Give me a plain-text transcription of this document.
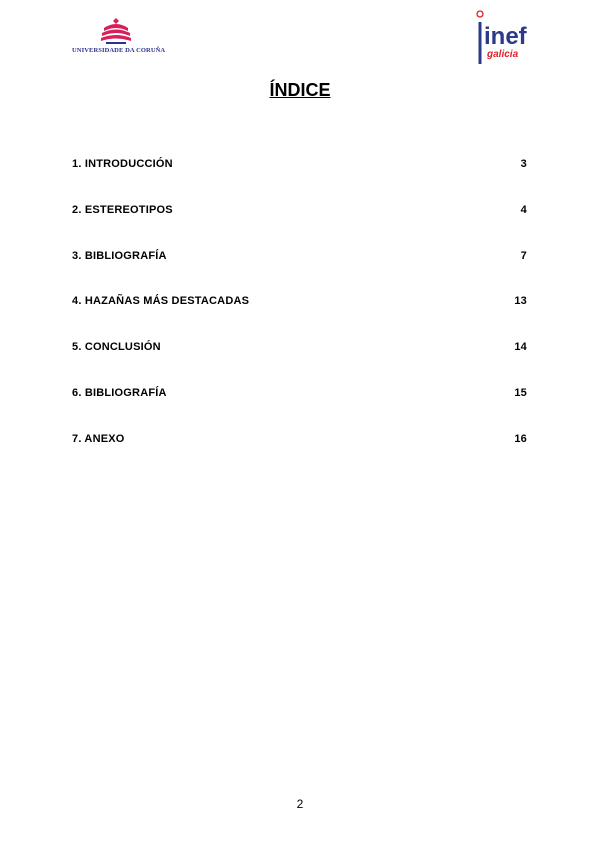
UNIVERSIDADE DA CORUÑA
inef
galicia
ÍNDICE
1. INTRODUCCIÓN	3
2. ESTEREOTIPOS	4
3. BIBLIOGRAFÍA	7
4. HAZAÑAS MÁS DESTACADAS	13
5. CONCLUSIÓN	14
6. BIBLIOGRAFÍA	15
7. ANEXO	16
2
